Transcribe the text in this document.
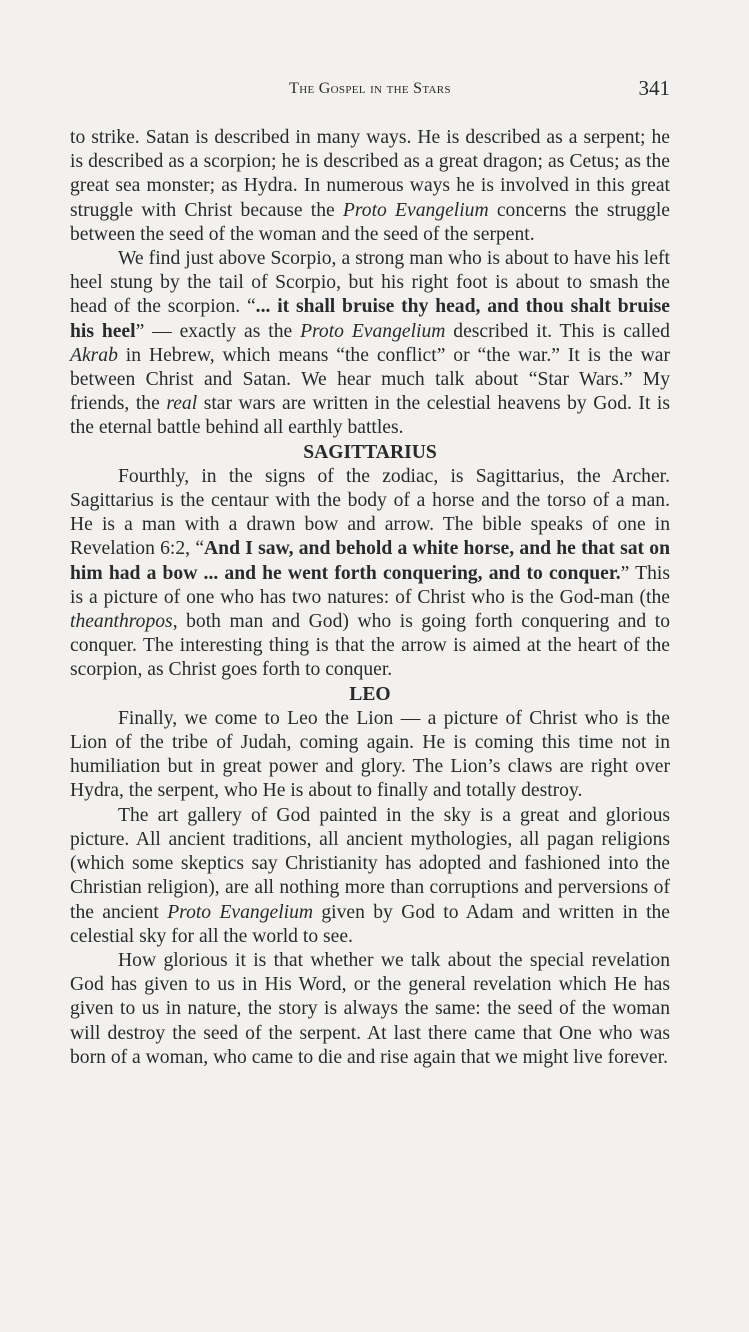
The Gospel in the Stars	341

to strike. Satan is described in many ways. He is described as a serpent; he is described as a scorpion; he is described as a great dragon; as Cetus; as the great sea monster; as Hydra. In numerous ways he is involved in this great struggle with Christ because the Proto Evangelium concerns the struggle between the seed of the woman and the seed of the serpent.

We find just above Scorpio, a strong man who is about to have his left heel stung by the tail of Scorpio, but his right foot is about to smash the head of the scorpion. “... it shall bruise thy head, and thou shalt bruise his heel” — exactly as the Proto Evangelium described it. This is called Akrab in Hebrew, which means “the conflict” or “the war.” It is the war between Christ and Satan. We hear much talk about “Star Wars.” My friends, the real star wars are written in the celestial heavens by God. It is the eternal battle behind all earthly battles.

SAGITTARIUS

Fourthly, in the signs of the zodiac, is Sagittarius, the Archer. Sagittarius is the centaur with the body of a horse and the torso of a man. He is a man with a drawn bow and arrow. The bible speaks of one in Revelation 6:2, “And I saw, and behold a white horse, and he that sat on him had a bow ... and he went forth conquering, and to conquer.” This is a picture of one who has two natures: of Christ who is the God-man (the theanthropos, both man and God) who is going forth conquering and to conquer. The interesting thing is that the arrow is aimed at the heart of the scorpion, as Christ goes forth to conquer.

LEO

Finally, we come to Leo the Lion — a picture of Christ who is the Lion of the tribe of Judah, coming again. He is coming this time not in humiliation but in great power and glory. The Lion’s claws are right over Hydra, the serpent, who He is about to finally and totally destroy.

The art gallery of God painted in the sky is a great and glorious picture. All ancient traditions, all ancient mythologies, all pagan religions (which some skeptics say Christianity has adopted and fashioned into the Christian religion), are all nothing more than corruptions and perversions of the ancient Proto Evangelium given by God to Adam and written in the celestial sky for all the world to see.

How glorious it is that whether we talk about the special revelation God has given to us in His Word, or the general revelation which He has given to us in nature, the story is always the same: the seed of the woman will destroy the seed of the serpent. At last there came that One who was born of a woman, who came to die and rise again that we might live forever.
